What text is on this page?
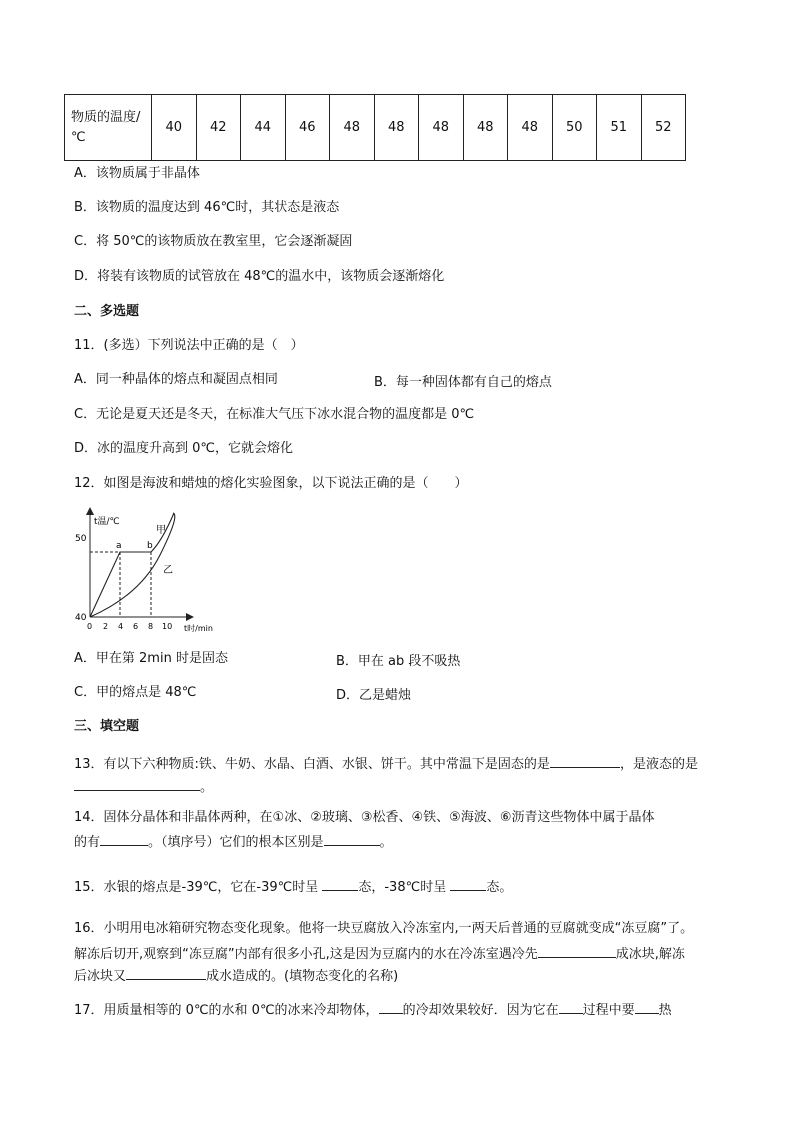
物质的温度/℃	40	42	44	46	48	48	48	48	48	50	51	52
A．该物质属于非晶体
B．该物质的温度达到 46℃时，其状态是液态
C．将 50℃的该物质放在教室里，它会逐渐凝固
D．将装有该物质的试管放在 48℃的温水中，该物质会逐渐熔化
二、多选题
11．(多选）下列说法中正确的是（　）
A．同一种晶体的熔点和凝固点相同	B．每一种固体都有自己的熔点
C．无论是夏天还是冬天，在标准大气压下冰水混合物的温度都是 0℃
D．冰的温度升高到 0℃，它就会熔化
12．如图是海波和蜡烛的熔化实验图象，以下说法正确的是（　　）
t温/℃
t时/min
50
40
0 2 4 6 8 10
a	b
甲
乙
A．甲在第 2min 时是固态	B．甲在 ab 段不吸热
C．甲的熔点是 48℃	D．乙是蜡烛
三、填空题
13．有以下六种物质:铁、牛奶、水晶、白酒、水银、饼干。其中常温下是固态的是	，是液态的是
。
14．固体分晶体和非晶体两种，在①冰、②玻璃、③松香、④铁、⑤海波、⑥沥青这些物体中属于晶体
的有	。（填序号）它们的根本区别是	。
15．水银的熔点是-39℃，它在-39℃时呈	态，-38℃时呈	态。
16．小明用电冰箱研究物态变化现象。他将一块豆腐放入冷冻室内,一两天后普通的豆腐就变成“冻豆腐”了。
解冻后切开,观察到“冻豆腐”内部有很多小孔,这是因为豆腐内的水在冷冻室遇冷先	成冰块,解冻
后冰块又	成水造成的。(填物态变化的名称)
17．用质量相等的 0℃的水和 0℃的冰来冷却物体， 的冷却效果较好．因为它在 过程中要 热
